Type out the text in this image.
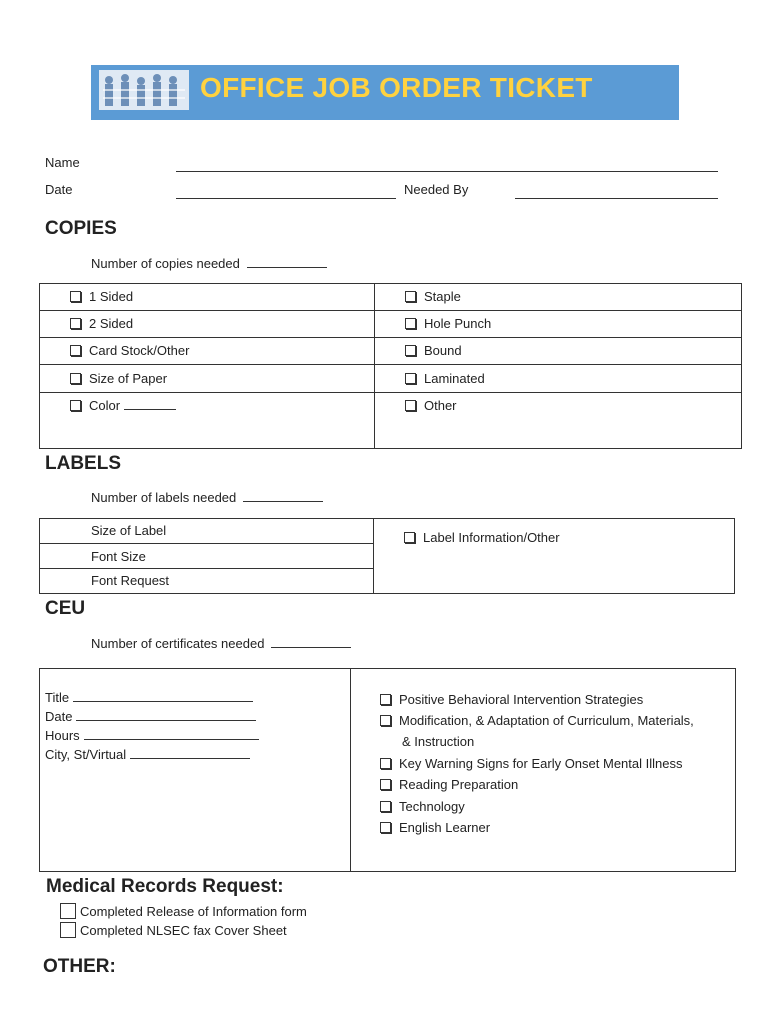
OFFICE JOB ORDER TICKET
Name
Date	Needed By
COPIES
Number of copies needed
1 Sided
2 Sided
Card Stock/Other
Size of Paper
Color
Staple
Hole Punch
Bound
Laminated
Other
LABELS
Number of labels needed
Size of Label
Font Size
Font Request
Label Information/Other
CEU
Number of certificates needed
Title
Date
Hours
City, St/Virtual
Positive Behavioral Intervention Strategies
Modification, & Adaptation of Curriculum, Materials,
& Instruction
Key Warning Signs for Early Onset Mental Illness
Reading Preparation
Technology
English Learner
Medical Records Request:
Completed Release of Information form
Completed NLSEC fax Cover Sheet
OTHER:
